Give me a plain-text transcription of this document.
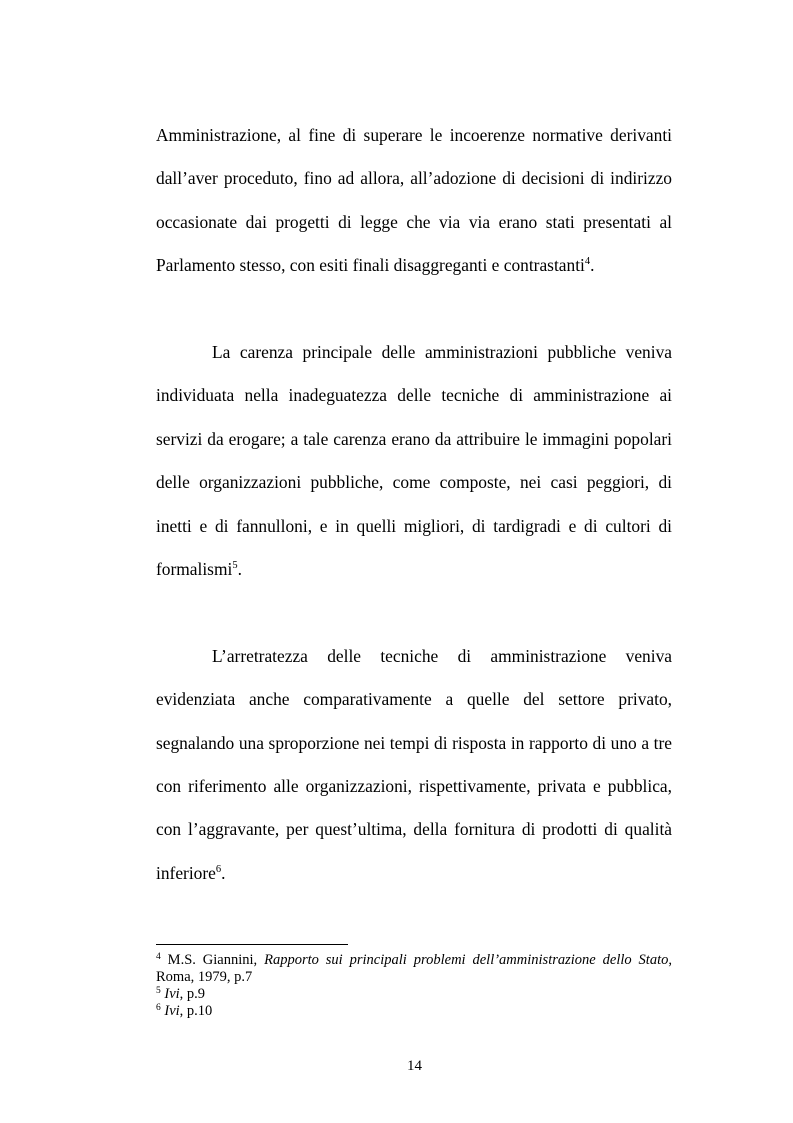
Amministrazione, al fine di superare le incoerenze normative derivanti dall’aver proceduto, fino ad allora, all’adozione di decisioni di indirizzo occasionate dai progetti di legge che via via erano stati presentati al Parlamento stesso, con esiti finali disaggreganti e contrastanti$^4$.

La carenza principale delle amministrazioni pubbliche veniva individuata nella inadeguatezza delle tecniche di amministrazione ai servizi da erogare; a tale carenza erano da attribuire le immagini popolari delle organizzazioni pubbliche, come composte, nei casi peggiori, di inetti e di fannulloni, e in quelli migliori, di tardigradi e di cultori di formalismi$^5$.

L’arretratezza delle tecniche di amministrazione veniva evidenziata anche comparativamente a quelle del settore privato, segnalando una sproporzione nei tempi di risposta in rapporto di uno a tre con riferimento alle organizzazioni, rispettivamente, privata e pubblica, con l’aggravante, per quest’ultima, della fornitura di prodotti di qualità inferiore$^6$.

$^4$ M.S. Giannini, Rapporto sui principali problemi dell’amministrazione dello Stato, Roma, 1979, p.7

$^5$ Ivi, p.9

$^6$ Ivi, p.10

14
